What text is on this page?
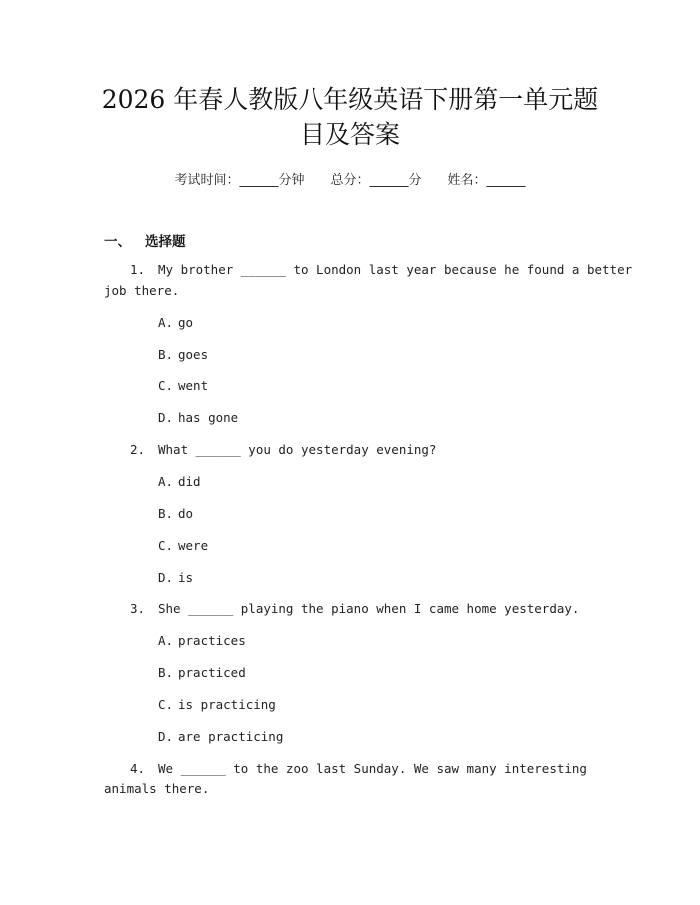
2026 年春人教版八年级英语下册第一单元题
目及答案
考试时间：______分钟 总分：______分 姓名：______
一、 选择题
1. My brother ______ to London last year because he found a better
job there.
A. go
B. goes
C. went
D. has gone
2. What ______ you do yesterday evening?
A. did
B. do
C. were
D. is
3. She ______ playing the piano when I came home yesterday.
A. practices
B. practiced
C. is practicing
D. are practicing
4. We ______ to the zoo last Sunday. We saw many interesting
animals there.
